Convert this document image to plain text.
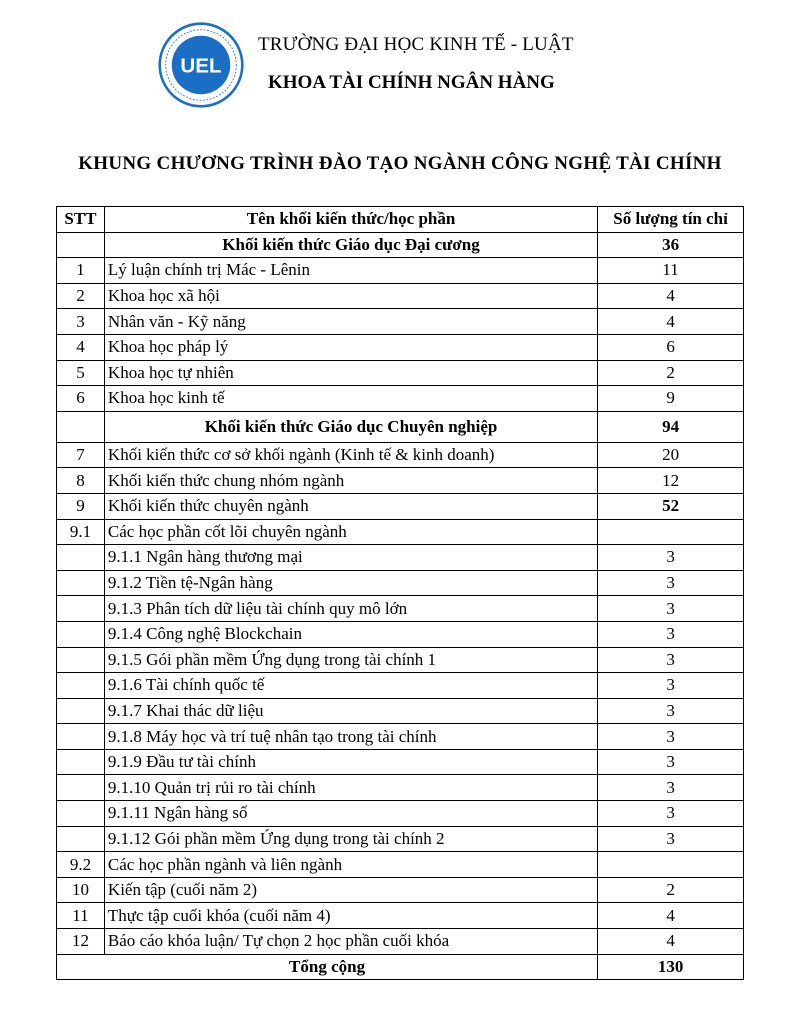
UEL
TRƯỜNG ĐẠI HỌC KINH TẾ - LUẬT
KHOA TÀI CHÍNH NGÂN HÀNG
KHUNG CHƯƠNG TRÌNH ĐÀO TẠO NGÀNH CÔNG NGHỆ TÀI CHÍNH
STT	Tên khối kiến thức/học phần	Số lượng tín chỉ
	Khối kiến thức Giáo dục Đại cương	36
1	Lý luận chính trị Mác - Lênin	11
2	Khoa học xã hội	4
3	Nhân văn - Kỹ năng	4
4	Khoa học pháp lý	6
5	Khoa học tự nhiên	2
6	Khoa học kinh tế	9
	Khối kiến thức Giáo dục Chuyên nghiệp	94
7	Khối kiến thức cơ sở khối ngành (Kinh tế & kinh doanh)	20
8	Khối kiến thức chung nhóm ngành	12
9	Khối kiến thức chuyên ngành	52
9.1	Các học phần cốt lõi chuyên ngành	
	9.1.1 Ngân hàng thương mại	3
	9.1.2 Tiền tệ-Ngân hàng	3
	9.1.3 Phân tích dữ liệu tài chính quy mô lớn	3
	9.1.4 Công nghệ Blockchain	3
	9.1.5 Gói phần mềm Ứng dụng trong tài chính 1	3
	9.1.6 Tài chính quốc tế	3
	9.1.7 Khai thác dữ liệu	3
	9.1.8 Máy học và trí tuệ nhân tạo trong tài chính	3
	9.1.9 Đầu tư tài chính	3
	9.1.10 Quản trị rủi ro tài chính	3
	9.1.11 Ngân hàng số	3
	9.1.12 Gói phần mềm Ứng dụng trong tài chính 2	3
9.2	Các học phần ngành và liên ngành	
10	Kiến tập (cuối năm 2)	2
11	Thực tập cuối khóa (cuối năm 4)	4
12	Báo cáo khóa luận/ Tự chọn 2 học phần cuối khóa	4
Tổng cộng		130
